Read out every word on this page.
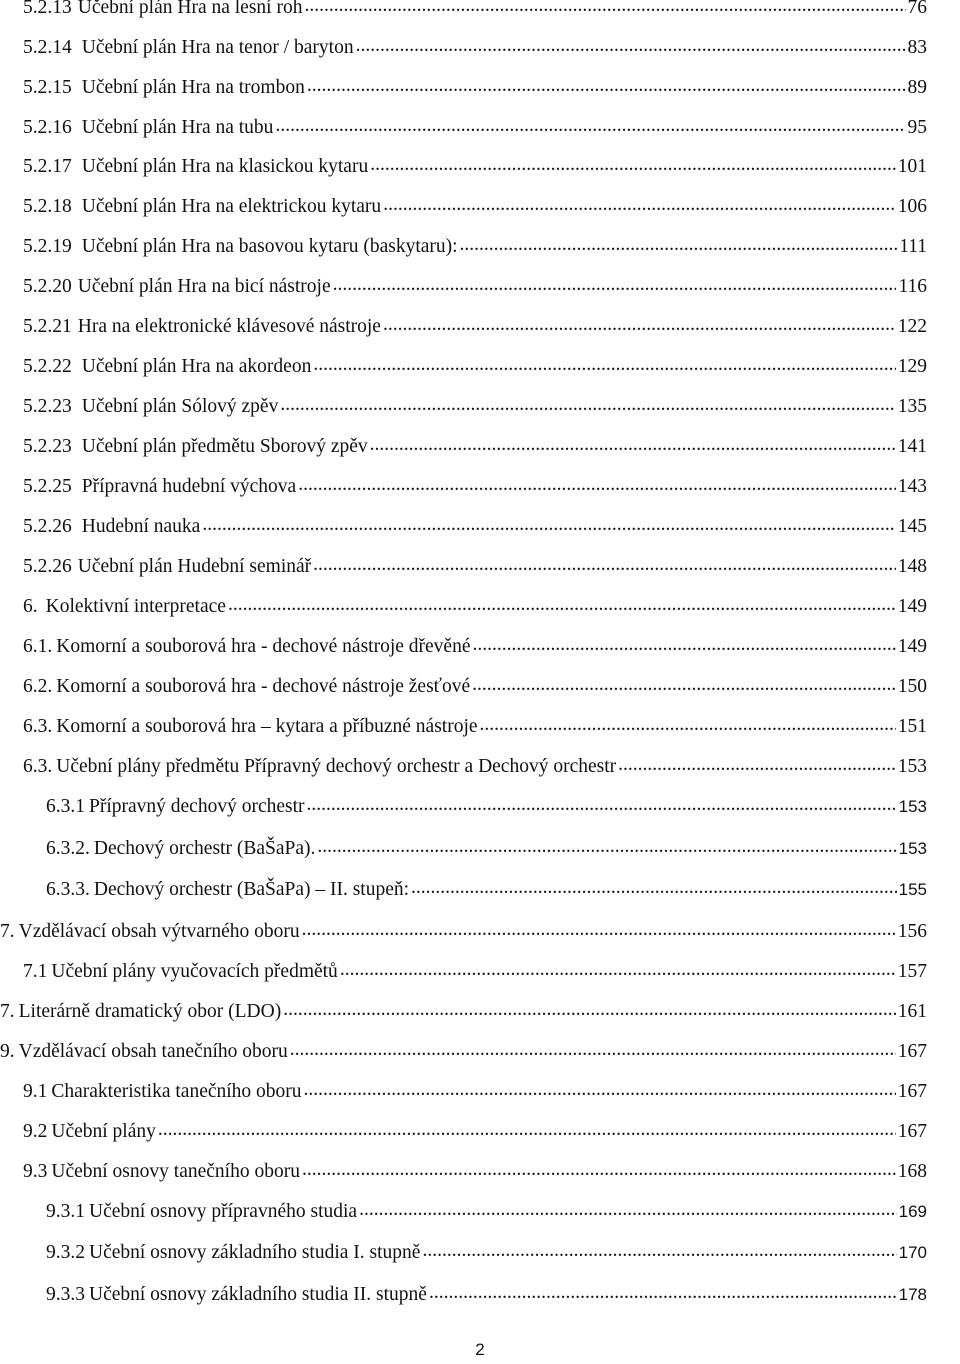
5.2.13 Učební plán Hra na lesní roh .....	76
5.2.14 Učební plán Hra na tenor / baryton .....	83
5.2.15 Učební plán Hra na trombon .....	89
5.2.16 Učební plán Hra na tubu .....	95
5.2.17 Učební plán Hra na klasickou kytaru .....	101
5.2.18 Učební plán Hra na elektrickou kytaru .....	106
5.2.19 Učební plán Hra na basovou kytaru (baskytaru): .....	111
5.2.20 Učební plán Hra na bicí nástroje .....	116
5.2.21 Hra na elektronické klávesové nástroje .....	122
5.2.22 Učební plán Hra na akordeon .....	129
5.2.23 Učební plán Sólový zpěv .....	135
5.2.23 Učební plán předmětu Sborový zpěv .....	141
5.2.25 Přípravná hudební výchova .....	143
5.2.26 Hudební nauka .....	145
5.2.26 Učební plán Hudební seminář .....	148
6. Kolektivní interpretace .....	149
6.1. Komorní a souborová hra - dechové nástroje dřevěné .....	149
6.2. Komorní a souborová hra - dechové nástroje žesťové .....	150
6.3. Komorní a souborová hra – kytara a příbuzné nástroje .....	151
6.3. Učební plány předmětu Přípravný dechový orchestr a Dechový orchestr .....	153
6.3.1 Přípravný dechový orchestr .....	153
6.3.2. Dechový orchestr (BaŠaPa). .....	153
6.3.3. Dechový orchestr (BaŠaPa) – II. stupeň: .....	155
7. Vzdělávací obsah výtvarného oboru .....	156
7.1 Učební plány vyučovacích předmětů .....	157
7. Literárně dramatický obor (LDO) .....	161
9. Vzdělávací obsah tanečního oboru .....	167
9.1 Charakteristika tanečního oboru .....	167
9.2 Učební plány .....	167
9.3 Učební osnovy tanečního oboru .....	168
9.3.1 Učební osnovy přípravného studia .....	169
9.3.2 Učební osnovy základního studia I. stupně .....	170
9.3.3 Učební osnovy základního studia II. stupně .....	178
2
